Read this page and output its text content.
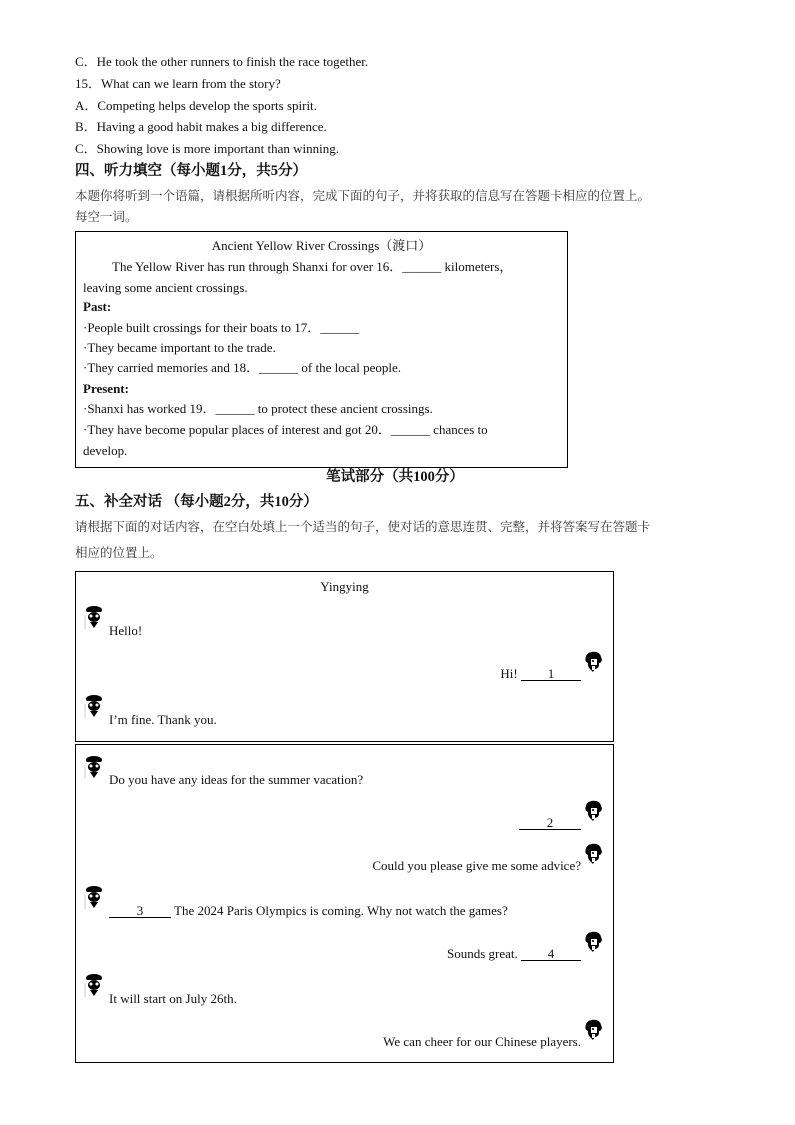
C．He took the other runners to finish the race together.
15．What can we learn from the story?
A．Competing helps develop the sports spirit.
B．Having a good habit makes a big difference.
C．Showing love is more important than winning.
四、听力填空（每小题1分，共5分）
本题你将听到一个语篇，请根据所听内容，完成下面的句子，并将获取的信息写在答题卡相应的位置上。
每空一词。
Ancient Yellow River Crossings（渡口）
The Yellow River has run through Shanxi for over 16．______ kilometers，
leaving some ancient crossings.
Past:
·People built crossings for their boats to 17．______
·They became important to the trade.
·They carried memories and 18．______ of the local people.
Present:
·Shanxi has worked 19．______ to protect these ancient crossings.
·They have become popular places of interest and got 20．______ chances to
develop.
笔试部分（共100分）
五、补全对话 （每小题2分，共10分）
请根据下面的对话内容，在空白处填上一个适当的句子，使对话的意思连贯、完整，并将答案写在答题卡
相应的位置上。
Yingying
Hello!
Hi! 1
I’m fine. Thank you.
Do you have any ideas for the summer vacation?
2
Could you please give me some advice?
3 The 2024 Paris Olympics is coming. Why not watch the games?
Sounds great. 4
It will start on July 26th.
We can cheer for our Chinese players.
